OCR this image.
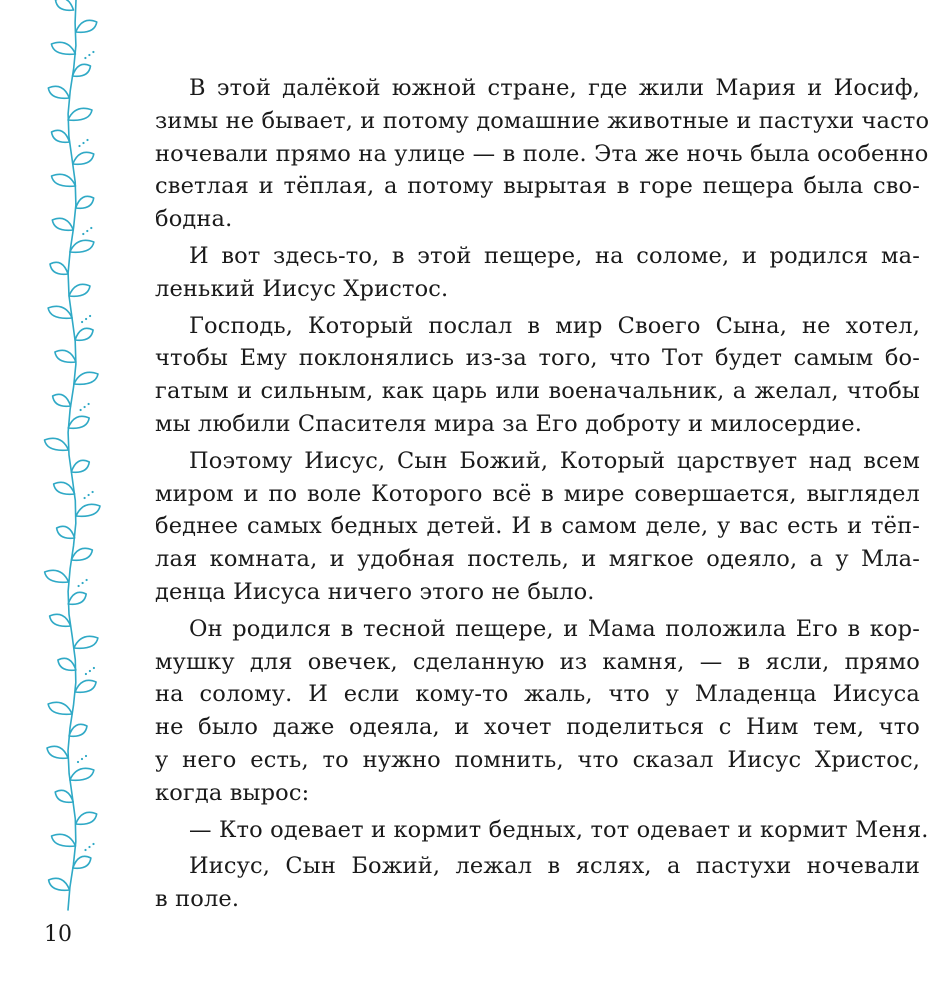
В этой далёкой южной стране, где жили Мария и Иосиф,
зимы не бывает, и потому домашние животные и пастухи часто
ночевали прямо на улице — в поле. Эта же ночь была особенно
светлая и тёплая, а потому вырытая в горе пещера была сво-
бодна.
И вот здесь-то, в этой пещере, на соломе, и родился ма-
ленький Иисус Христос.
Господь, Который послал в мир Своего Сына, не хотел,
чтобы Ему поклонялись из-за того, что Тот будет самым бо-
гатым и сильным, как царь или военачальник, а желал, чтобы
мы любили Спасителя мира за Его доброту и милосердие.
Поэтому Иисус, Сын Божий, Который царствует над всем
миром и по воле Которого всё в мире совершается, выглядел
беднее самых бедных детей. И в самом деле, у вас есть и тёп-
лая комната, и удобная постель, и мягкое одеяло, а у Мла-
денца Иисуса ничего этого не было.
Он родился в тесной пещере, и Мама положила Его в кор-
мушку для овечек, сделанную из камня, — в ясли, прямо
на солому. И если кому-то жаль, что у Младенца Иисуса
не было даже одеяла, и хочет поделиться с Ним тем, что
у него есть, то нужно помнить, что сказал Иисус Христос,
когда вырос:
— Кто одевает и кормит бедных, тот одевает и кормит Меня.
Иисус, Сын Божий, лежал в яслях, а пастухи ночевали
в поле.
10
